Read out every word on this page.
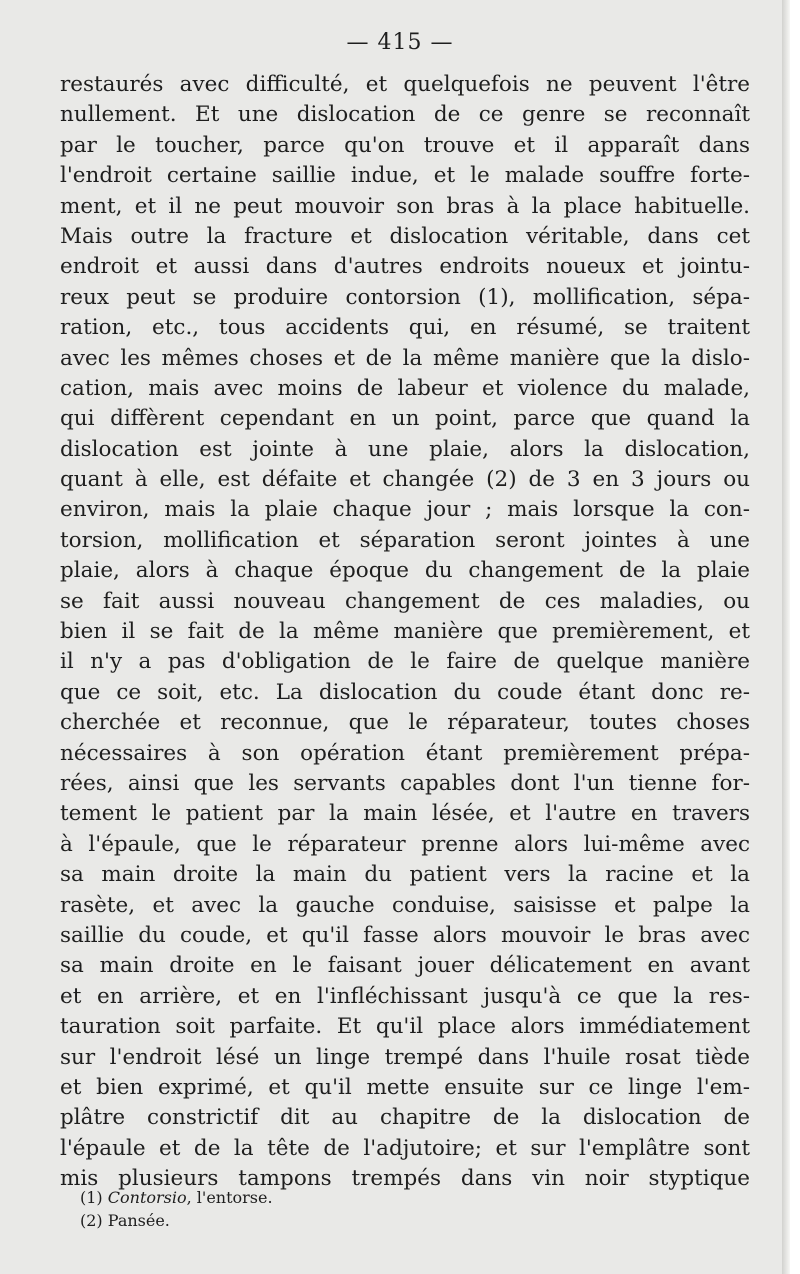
— 415 —
restaurés avec difficulté, et quelquefois ne peuvent l'être
nullement. Et une dislocation de ce genre se reconnaît
par le toucher, parce qu'on trouve et il apparaît dans
l'endroit certaine saillie indue, et le malade souffre forte-
ment, et il ne peut mouvoir son bras à la place habituelle.
Mais outre la fracture et dislocation véritable, dans cet
endroit et aussi dans d'autres endroits noueux et jointu-
reux peut se produire contorsion (1), mollification, sépa-
ration, etc., tous accidents qui, en résumé, se traitent
avec les mêmes choses et de la même manière que la dislo-
cation, mais avec moins de labeur et violence du malade,
qui diffèrent cependant en un point, parce que quand la
dislocation est jointe à une plaie, alors la dislocation,
quant à elle, est défaite et changée (2) de 3 en 3 jours ou
environ, mais la plaie chaque jour ; mais lorsque la con-
torsion, mollification et séparation seront jointes à une
plaie, alors à chaque époque du changement de la plaie
se fait aussi nouveau changement de ces maladies, ou
bien il se fait de la même manière que premièrement, et
il n'y a pas d'obligation de le faire de quelque manière
que ce soit, etc. La dislocation du coude étant donc re-
cherchée et reconnue, que le réparateur, toutes choses
nécessaires à son opération étant premièrement prépa-
rées, ainsi que les servants capables dont l'un tienne for-
tement le patient par la main lésée, et l'autre en travers
à l'épaule, que le réparateur prenne alors lui-même avec
sa main droite la main du patient vers la racine et la
rasète, et avec la gauche conduise, saisisse et palpe la
saillie du coude, et qu'il fasse alors mouvoir le bras avec
sa main droite en le faisant jouer délicatement en avant
et en arrière, et en l'infléchissant jusqu'à ce que la res-
tauration soit parfaite. Et qu'il place alors immédiatement
sur l'endroit lésé un linge trempé dans l'huile rosat tiède
et bien exprimé, et qu'il mette ensuite sur ce linge l'em-
plâtre constrictif dit au chapitre de la dislocation de
l'épaule et de la tête de l'adjutoire; et sur l'emplâtre sont
mis plusieurs tampons trempés dans vin noir styptique
(1) Contorsio, l'entorse.
(2) Pansée.
